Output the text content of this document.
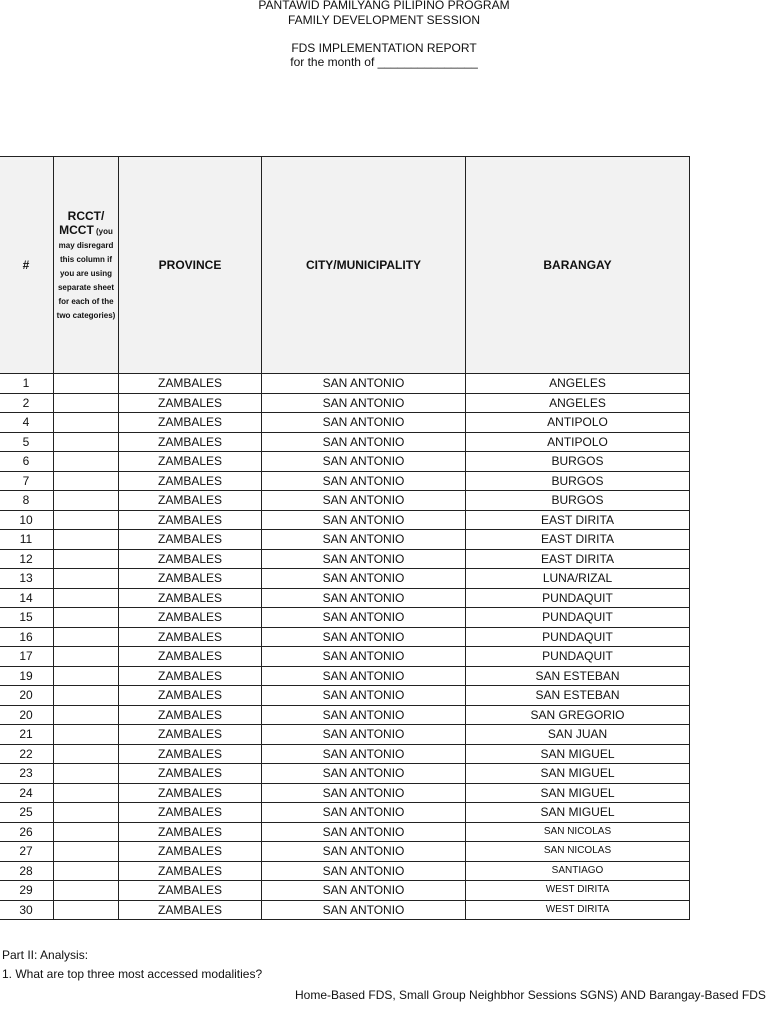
PANTAWID PAMILYANG PILIPINO PROGRAM
FAMILY DEVELOPMENT SESSION
FDS IMPLEMENTATION REPORT
for the month of _______________
#	RCCT/ MCCT (you may disregard this column if you are using separate sheet for each of the two categories)	PROVINCE	CITY/MUNICIPALITY	BARANGAY
1		ZAMBALES	SAN ANTONIO	ANGELES
2		ZAMBALES	SAN ANTONIO	ANGELES
4		ZAMBALES	SAN ANTONIO	ANTIPOLO
5		ZAMBALES	SAN ANTONIO	ANTIPOLO
6		ZAMBALES	SAN ANTONIO	BURGOS
7		ZAMBALES	SAN ANTONIO	BURGOS
8		ZAMBALES	SAN ANTONIO	BURGOS
10		ZAMBALES	SAN ANTONIO	EAST DIRITA
11		ZAMBALES	SAN ANTONIO	EAST DIRITA
12		ZAMBALES	SAN ANTONIO	EAST DIRITA
13		ZAMBALES	SAN ANTONIO	LUNA/RIZAL
14		ZAMBALES	SAN ANTONIO	PUNDAQUIT
15		ZAMBALES	SAN ANTONIO	PUNDAQUIT
16		ZAMBALES	SAN ANTONIO	PUNDAQUIT
17		ZAMBALES	SAN ANTONIO	PUNDAQUIT
19		ZAMBALES	SAN ANTONIO	SAN ESTEBAN
20		ZAMBALES	SAN ANTONIO	SAN ESTEBAN
20		ZAMBALES	SAN ANTONIO	SAN GREGORIO
21		ZAMBALES	SAN ANTONIO	SAN JUAN
22		ZAMBALES	SAN ANTONIO	SAN MIGUEL
23		ZAMBALES	SAN ANTONIO	SAN MIGUEL
24		ZAMBALES	SAN ANTONIO	SAN MIGUEL
25		ZAMBALES	SAN ANTONIO	SAN MIGUEL
26		ZAMBALES	SAN ANTONIO	SAN NICOLAS
27		ZAMBALES	SAN ANTONIO	SAN NICOLAS
28		ZAMBALES	SAN ANTONIO	SANTIAGO
29		ZAMBALES	SAN ANTONIO	WEST DIRITA
30		ZAMBALES	SAN ANTONIO	WEST DIRITA
Part II: Analysis:
1. What are top three most accessed modalities?
Home-Based FDS, Small Group Neighbhor Sessions SGNS) AND Barangay-Based FDS
